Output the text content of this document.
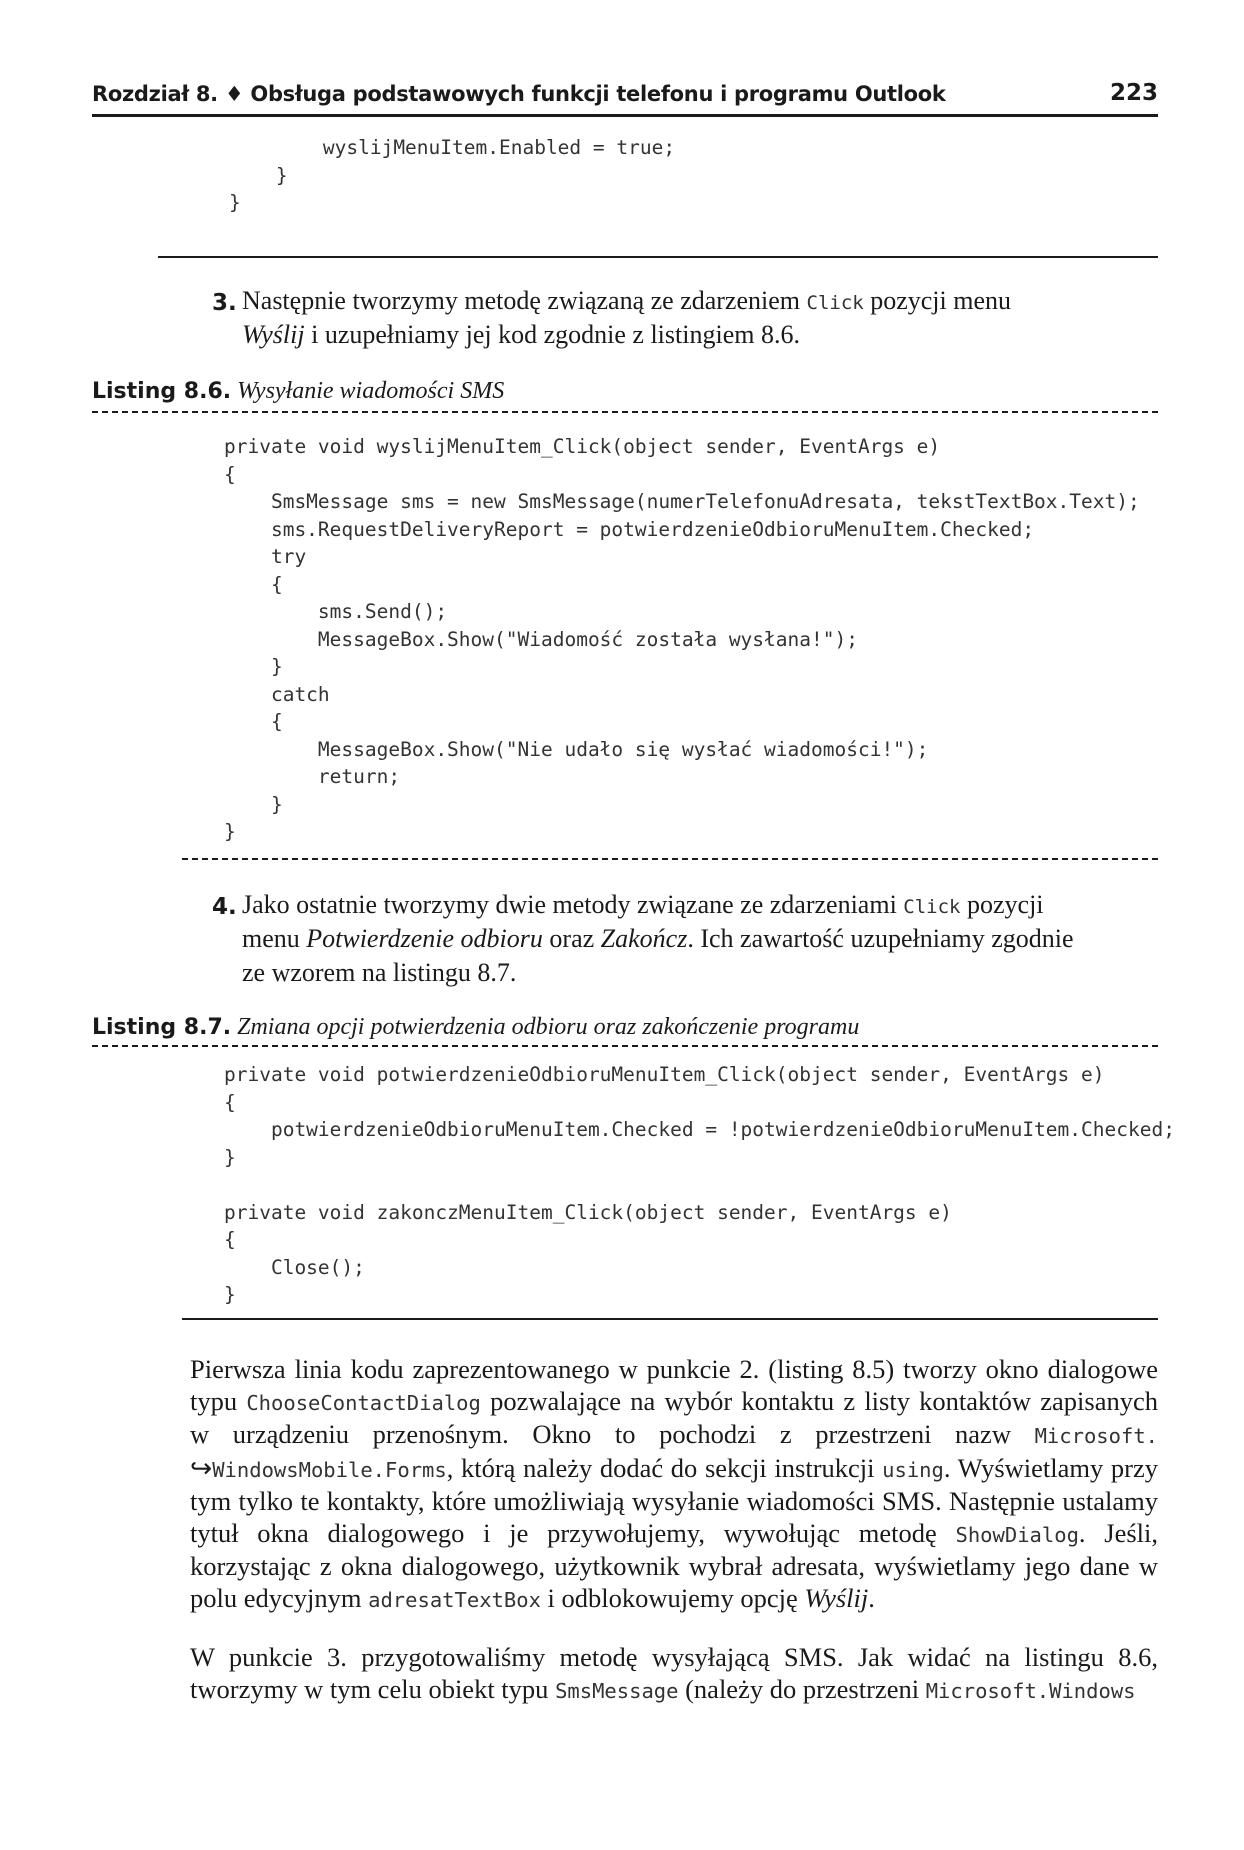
Rozdział 8. ♦ Obsługa podstawowych funkcji telefonu i programu Outlook	223
wyslijMenuItem.Enabled = true;
}
}
3. Następnie tworzymy metodę związaną ze zdarzeniem Click pozycji menu
Wyślij i uzupełniamy jej kod zgodnie z listingiem 8.6.
Listing 8.6. Wysyłanie wiadomości SMS
private void wyslijMenuItem_Click(object sender, EventArgs e)
{
SmsMessage sms = new SmsMessage(numerTelefonuAdresata, tekstTextBox.Text);
sms.RequestDeliveryReport = potwierdzenieOdbioruMenuItem.Checked;
try
{
sms.Send();
MessageBox.Show("Wiadomość została wysłana!");
}
catch
{
MessageBox.Show("Nie udało się wysłać wiadomości!");
return;
}
}
4. Jako ostatnie tworzymy dwie metody związane ze zdarzeniami Click pozycji
menu Potwierdzenie odbioru oraz Zakończ. Ich zawartość uzupełniamy zgodnie
ze wzorem na listingu 8.7.
Listing 8.7. Zmiana opcji potwierdzenia odbioru oraz zakończenie programu
private void potwierdzenieOdbioruMenuItem_Click(object sender, EventArgs e)
{
potwierdzenieOdbioruMenuItem.Checked = !potwierdzenieOdbioruMenuItem.Checked;
}

private void zakonczMenuItem_Click(object sender, EventArgs e)
{
Close();
}
Pierwsza linia kodu zaprezentowanego w punkcie 2. (listing 8.5) tworzy okno dialogowe typu ChooseContactDialog pozwalające na wybór kontaktu z listy kontaktów zapisanych w urządzeniu przenośnym. Okno to pochodzi z przestrzeni nazw Microsoft. ↪WindowsMobile.Forms, którą należy dodać do sekcji instrukcji using. Wyświetlamy przy tym tylko te kontakty, które umożliwiają wysyłanie wiadomości SMS. Następnie ustalamy tytuł okna dialogowego i je przywołujemy, wywołując metodę ShowDialog. Jeśli, korzystając z okna dialogowego, użytkownik wybrał adresata, wyświetlamy jego dane w polu edycyjnym adresatTextBox i odblokowujemy opcję Wyślij.
W punkcie 3. przygotowaliśmy metodę wysyłającą SMS. Jak widać na listingu 8.6, tworzymy w tym celu obiekt typu SmsMessage (należy do przestrzeni Microsoft.Windows
